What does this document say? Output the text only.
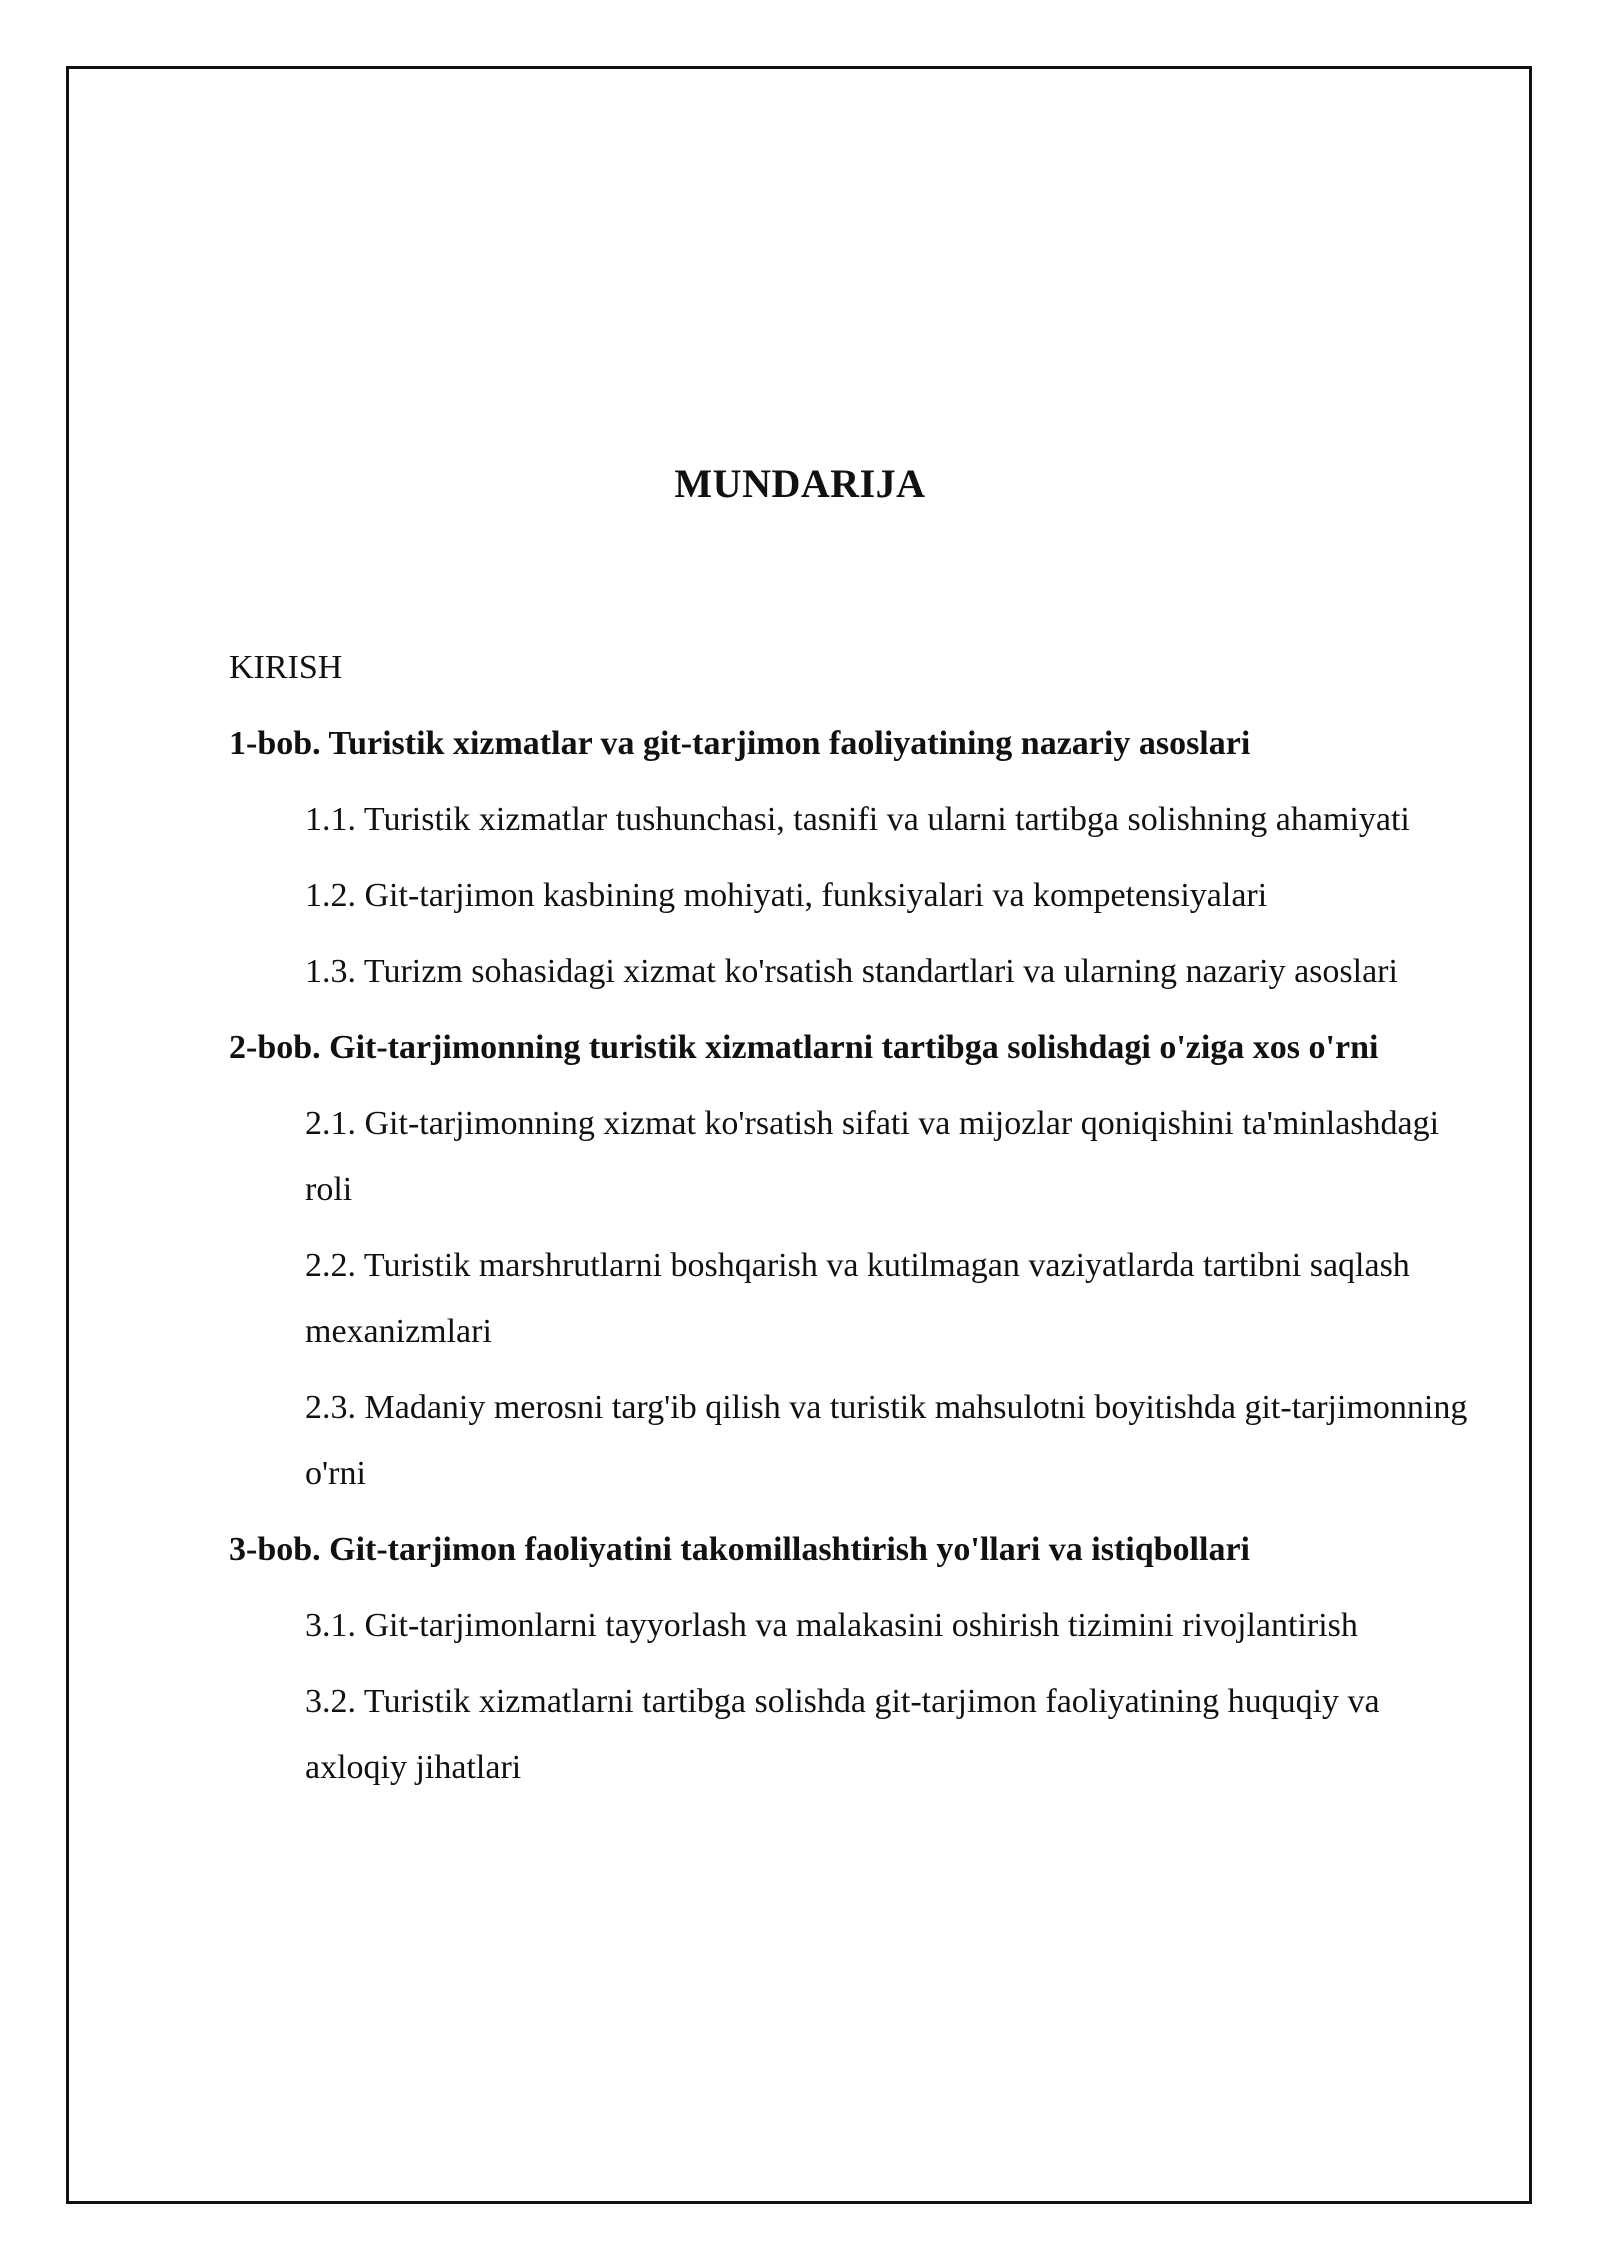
MUNDARIJA

KIRISH

1-bob. Turistik xizmatlar va git-tarjimon faoliyatining nazariy asoslari

1.1. Turistik xizmatlar tushunchasi, tasnifi va ularni tartibga solishning ahamiyati

1.2. Git-tarjimon kasbining mohiyati, funksiyalari va kompetensiyalari

1.3. Turizm sohasidagi xizmat ko'rsatish standartlari va ularning nazariy asoslari

2-bob. Git-tarjimonning turistik xizmatlarni tartibga solishdagi o'ziga xos o'rni

2.1. Git-tarjimonning xizmat ko'rsatish sifati va mijozlar qoniqishini ta'minlashdagi roli

2.2. Turistik marshrutlarni boshqarish va kutilmagan vaziyatlarda tartibni saqlash mexanizmlari

2.3. Madaniy merosni targ'ib qilish va turistik mahsulotni boyitishda git-tarjimonning o'rni

3-bob. Git-tarjimon faoliyatini takomillashtirish yo'llari va istiqbollari

3.1. Git-tarjimonlarni tayyorlash va malakasini oshirish tizimini rivojlantirish

3.2. Turistik xizmatlarni tartibga solishda git-tarjimon faoliyatining huquqiy va axloqiy jihatlari
